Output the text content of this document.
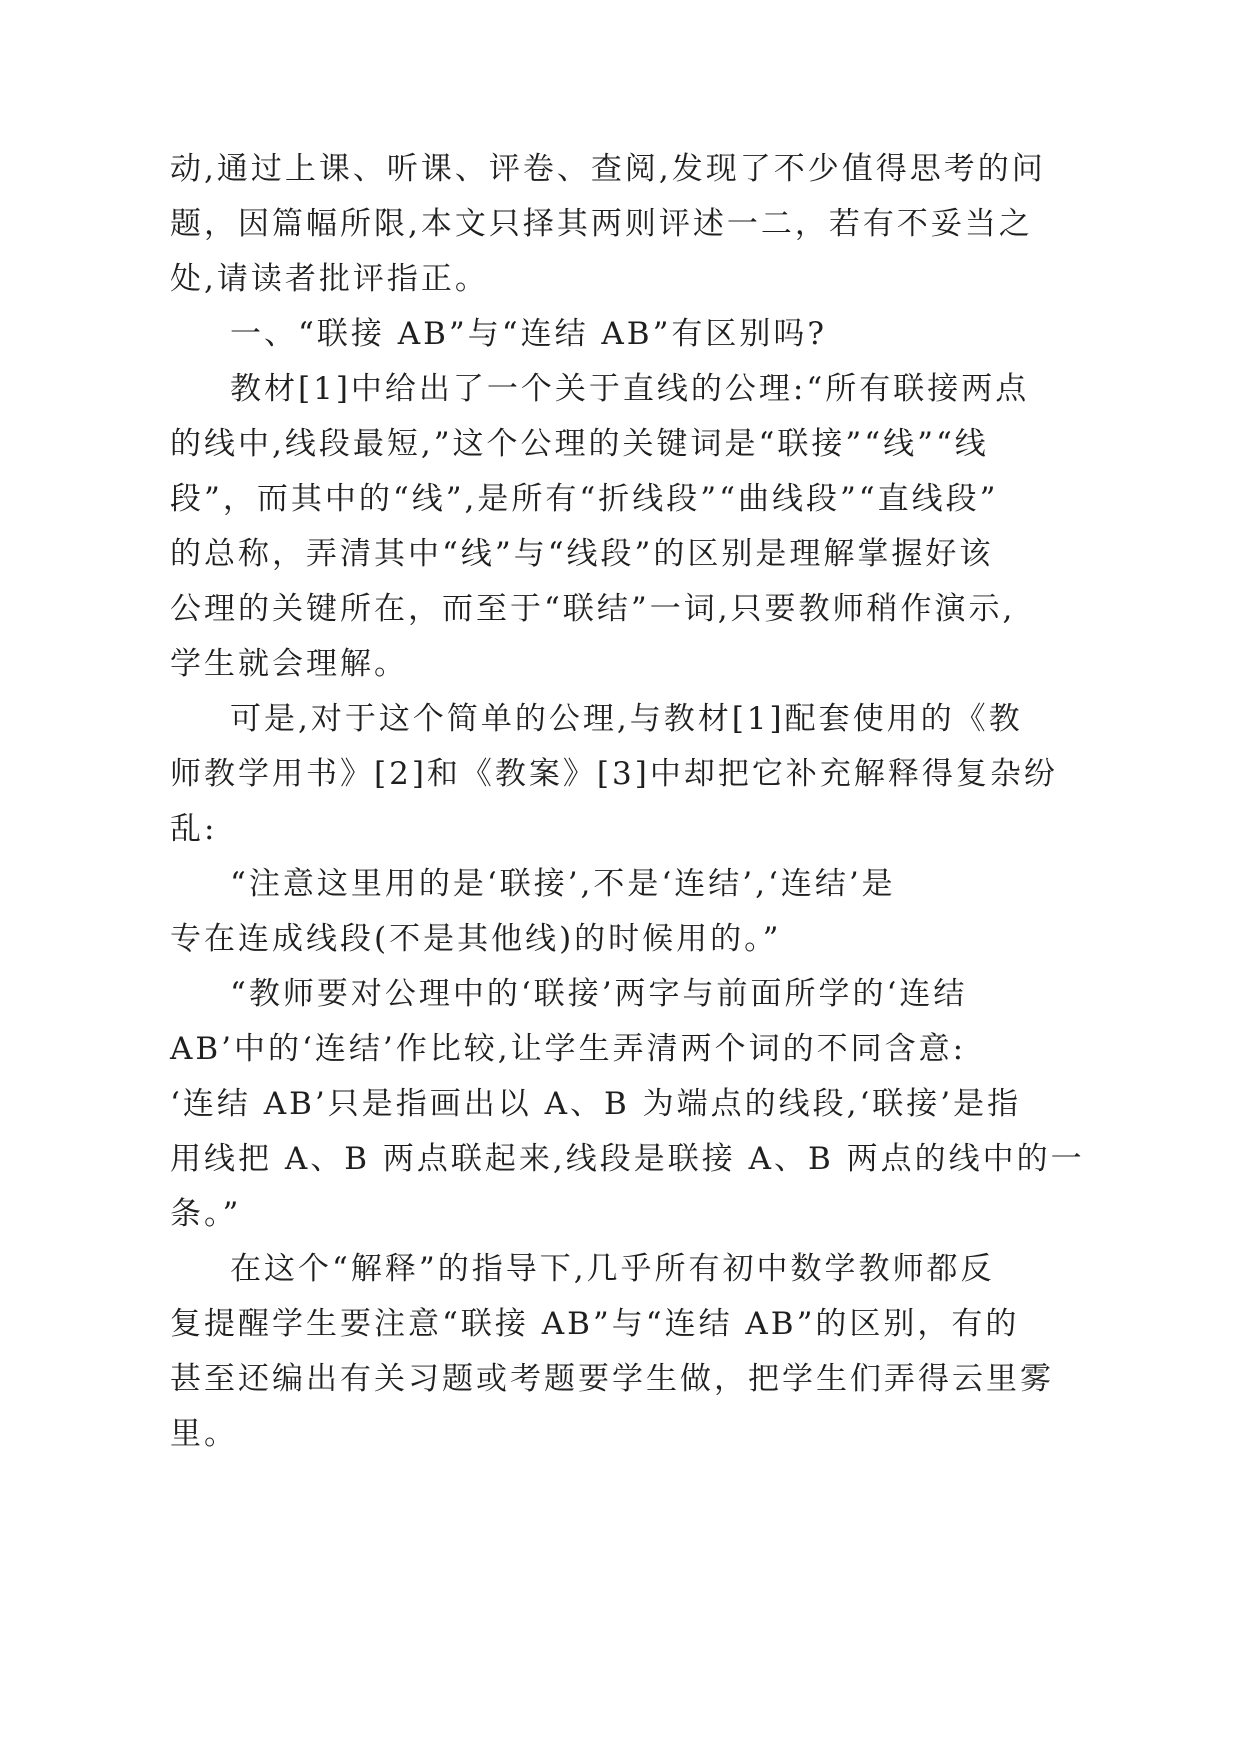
动,通过上课、听课、评卷、查阅,发现了不少值得思考的问
题，因篇幅所限,本文只择其两则评述一二，若有不妥当之
处,请读者批评指正。
一、“联接 AB”与“连结 AB”有区别吗?
教材[1]中给出了一个关于直线的公理:“所有联接两点
的线中,线段最短,”这个公理的关键词是“联接”“线”“线
段”，而其中的“线”,是所有“折线段”“曲线段”“直线段”
的总称，弄清其中“线”与“线段”的区别是理解掌握好该
公理的关键所在，而至于“联结”一词,只要教师稍作演示,
学生就会理解。
可是,对于这个简单的公理,与教材[1]配套使用的《教
师教学用书》[2]和《教案》[3]中却把它补充解释得复杂纷
乱:
“注意这里用的是‘联接’,不是‘连结’,‘连结’是
专在连成线段(不是其他线)的时候用的。”
“教师要对公理中的‘联接’两字与前面所学的‘连结
AB’中的‘连结’作比较,让学生弄清两个词的不同含意:
‘连结 AB’只是指画出以 A、B 为端点的线段,‘联接’是指
用线把 A、B 两点联起来,线段是联接 A、B 两点的线中的一
条。”
在这个“解释”的指导下,几乎所有初中数学教师都反
复提醒学生要注意“联接 AB”与“连结 AB”的区别，有的
甚至还编出有关习题或考题要学生做，把学生们弄得云里雾
里。
